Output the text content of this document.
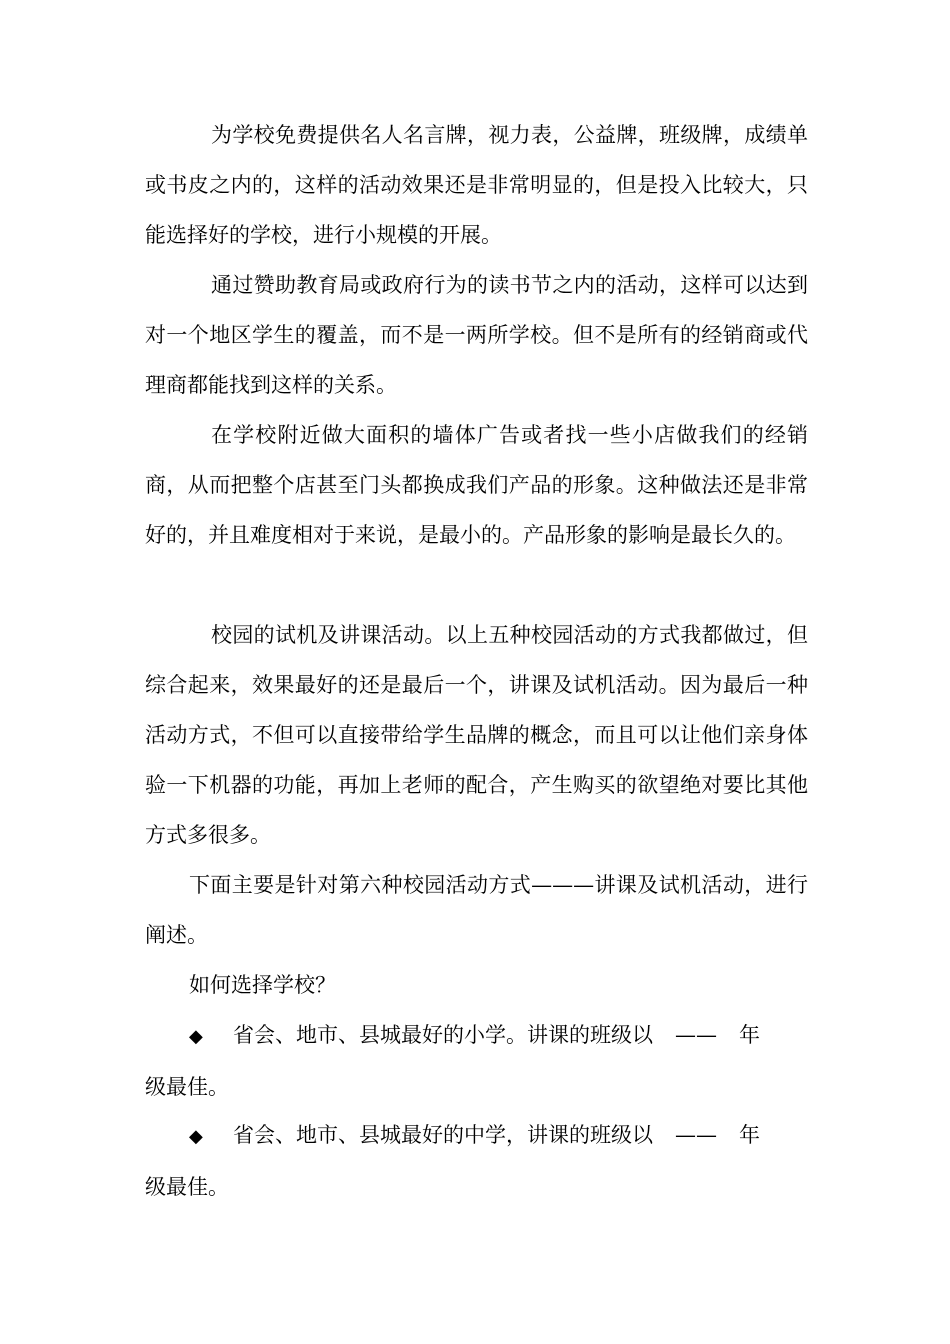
为学校免费提供名人名言牌，视力表，公益牌，班级牌，成绩单或书皮之内的，这样的活动效果还是非常明显的，但是投入比较大，只能选择好的学校，进行小规模的开展。

通过赞助教育局或政府行为的读书节之内的活动，这样可以达到对一个地区学生的覆盖，而不是一两所学校。但不是所有的经销商或代理商都能找到这样的关系。

在学校附近做大面积的墙体广告或者找一些小店做我们的经销商，从而把整个店甚至门头都换成我们产品的形象。这种做法还是非常好的，并且难度相对于来说，是最小的。产品形象的影响是最长久的。

校园的试机及讲课活动。以上五种校园活动的方式我都做过，但综合起来，效果最好的还是最后一个，讲课及试机活动。因为最后一种活动方式，不但可以直接带给学生品牌的概念，而且可以让他们亲身体验一下机器的功能，再加上老师的配合，产生购买的欲望绝对要比其他方式多很多。

下面主要是针对第六种校园活动方式———讲课及试机活动，进行阐述。

如何选择学校？

◆	省会、地市、县城最好的小学。讲课的班级以 —— 年
级最佳。
◆	省会、地市、县城最好的中学，讲课的班级以 —— 年
级最佳。
